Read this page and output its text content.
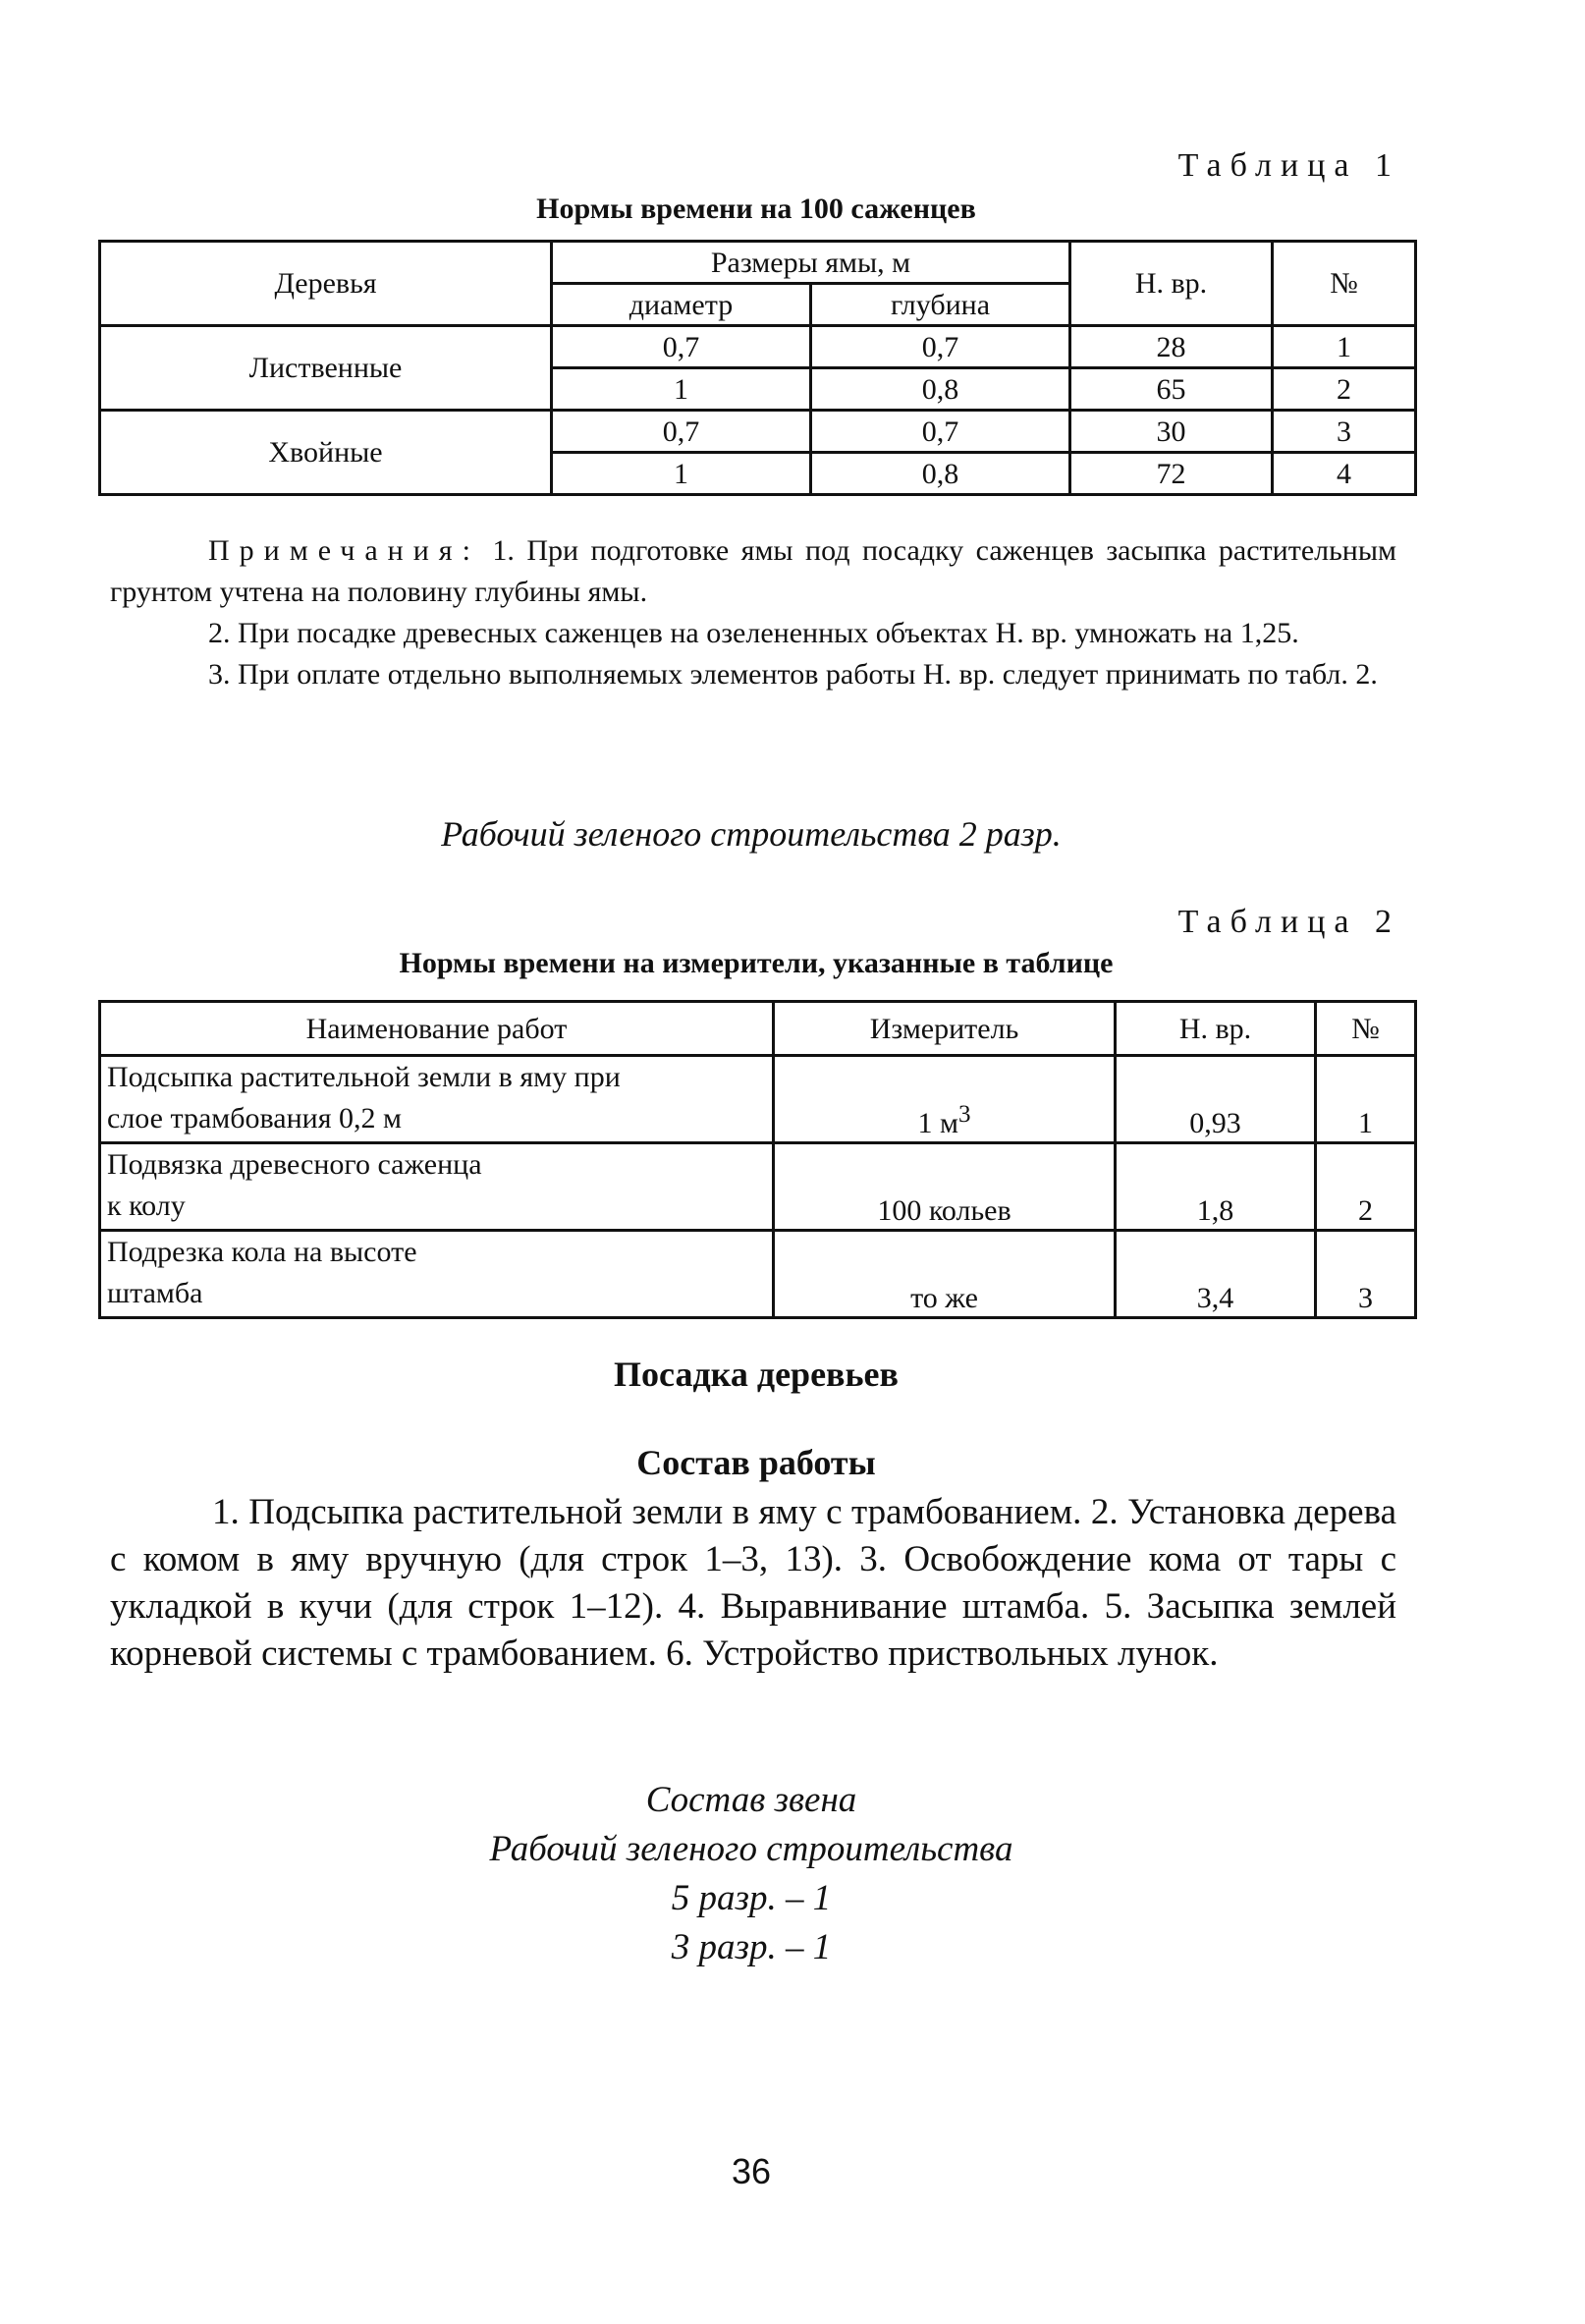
Таблица 1
Нормы времени на 100 саженцев
Деревья	Размеры ямы, м		Н. вр.	№
	диаметр	глубина		
Лиственные	0,7	0,7	28	1
	1	0,8	65	2
Хвойные	0,7	0,7	30	3
	1	0,8	72	4

Примечания: 1. При подготовке ямы под посадку саженцев засыпка растительным грунтом учтена на половину глубины ямы.

2. При посадке древесных саженцев на озелененных объектах Н. вр. умножать на 1,25.

3. При оплате отдельно выполняемых элементов работы Н. вр. следует принимать по табл. 2.

Рабочий зеленого строительства 2 разр.
Таблица 2
Нормы времени на измерители, указанные в таблице
Наименование работ	Измеритель	Н. вр.	№

Подсыпка растительной земли в яму при
слое трамбования 0,2 м	1 $м^3$	0,93	1

Подвязка древесного саженца
к колу	100 кольев	1,8	2

Подрезка кола на высоте
штамба	то же	3,4	3
Посадка деревьев
Состав работы

1. Подсыпка растительной земли в яму с трамбованием. 2. Установка дерева с комом в яму вручную (для строк 1–3, 13). 3. Освобождение кома от тары с укладкой в кучи (для строк 1–12). 4. Выравнивание штамба. 5. Засыпка землей корневой системы с трамбованием. 6. Устройство приствольных лунок.

Состав звена
Рабочий зеленого строительства
5 разр. – 1
3 разр. – 1
36
